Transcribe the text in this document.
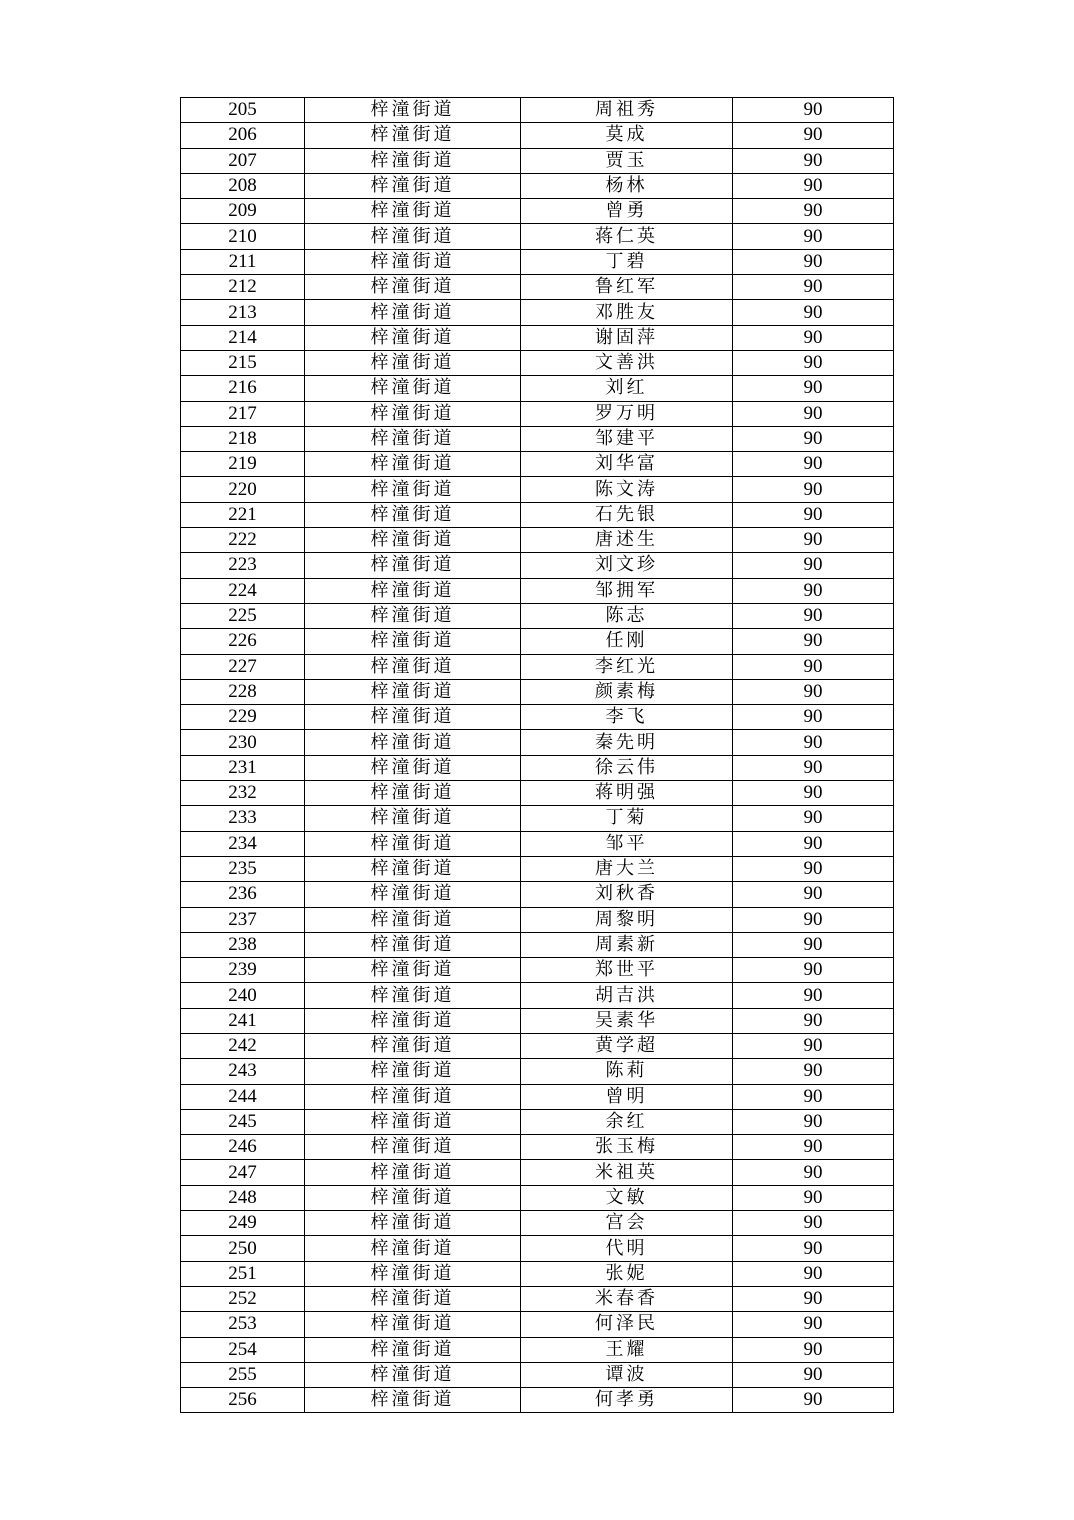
205	梓潼街道	周祖秀	90
206	梓潼街道	莫成	90
207	梓潼街道	贾玉	90
208	梓潼街道	杨林	90
209	梓潼街道	曾勇	90
210	梓潼街道	蒋仁英	90
211	梓潼街道	丁碧	90
212	梓潼街道	鲁红军	90
213	梓潼街道	邓胜友	90
214	梓潼街道	谢固萍	90
215	梓潼街道	文善洪	90
216	梓潼街道	刘红	90
217	梓潼街道	罗万明	90
218	梓潼街道	邹建平	90
219	梓潼街道	刘华富	90
220	梓潼街道	陈文涛	90
221	梓潼街道	石先银	90
222	梓潼街道	唐述生	90
223	梓潼街道	刘文珍	90
224	梓潼街道	邹拥军	90
225	梓潼街道	陈志	90
226	梓潼街道	任刚	90
227	梓潼街道	李红光	90
228	梓潼街道	颜素梅	90
229	梓潼街道	李飞	90
230	梓潼街道	秦先明	90
231	梓潼街道	徐云伟	90
232	梓潼街道	蒋明强	90
233	梓潼街道	丁菊	90
234	梓潼街道	邹平	90
235	梓潼街道	唐大兰	90
236	梓潼街道	刘秋香	90
237	梓潼街道	周黎明	90
238	梓潼街道	周素新	90
239	梓潼街道	郑世平	90
240	梓潼街道	胡吉洪	90
241	梓潼街道	吴素华	90
242	梓潼街道	黄学超	90
243	梓潼街道	陈莉	90
244	梓潼街道	曾明	90
245	梓潼街道	余红	90
246	梓潼街道	张玉梅	90
247	梓潼街道	米祖英	90
248	梓潼街道	文敏	90
249	梓潼街道	宫会	90
250	梓潼街道	代明	90
251	梓潼街道	张妮	90
252	梓潼街道	米春香	90
253	梓潼街道	何泽民	90
254	梓潼街道	王耀	90
255	梓潼街道	谭波	90
256	梓潼街道	何孝勇	90
